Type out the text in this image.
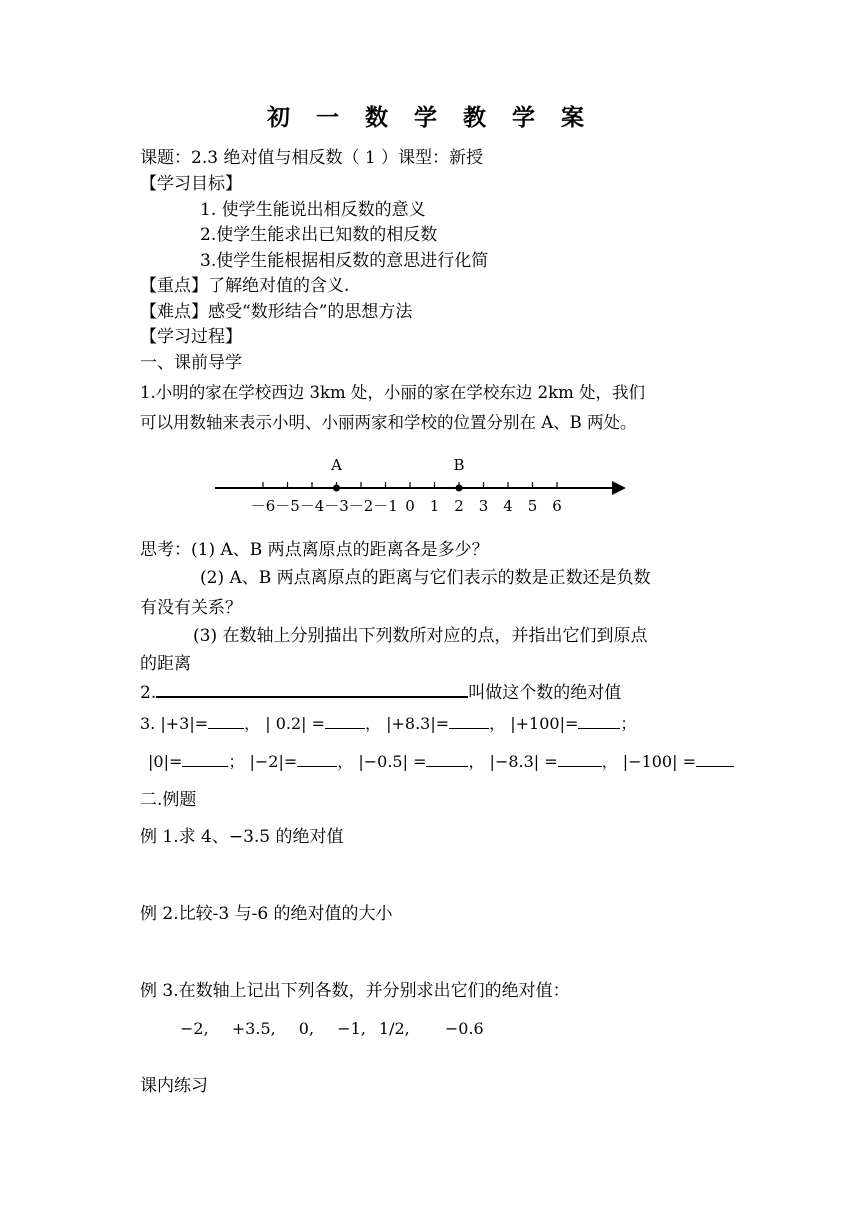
初 一 数 学 教 学 案
课题：2.3 绝对值与相反数（ 1 ）课型：新授
【学习目标】
1. 使学生能说出相反数的意义
2.使学生能求出已知数的相反数
3.使学生能根据相反数的意思进行化简
【重点】了解绝对值的含义.
【难点】感受“数形结合”的思想方法
【学习过程】
一、课前导学
1.小明的家在学校西边 3km 处，小丽的家在学校东边 2km 处，我们
可以用数轴来表示小明、小丽两家和学校的位置分别在 A、B 两处。
－6 －5 －4 －3 －2 －1 0 1 2 3 4 5 6
A	B
思考：(1) A、B 两点离原点的距离各是多少？
(2) A、B 两点离原点的距离与它们表示的数是正数还是负数
有没有关系？
(3) 在数轴上分别描出下列数所对应的点，并指出它们到原点
的距离
2.	叫做这个数的绝对值
3. |+3|= ， | 0.2| =	， |+8.3|=	， |+100|=	；
|0|=	； |−2|=	， |−0.5| =	， |−8.3| =	， |−100| =
二.例题
例 1.求 4、−3.5 的绝对值
例 2.比较-3 与-6 的绝对值的大小
例 3.在数轴上记出下列各数，并分别求出它们的绝对值：
−2, +3.5, 0, −1, 1/2, −0.6
课内练习
